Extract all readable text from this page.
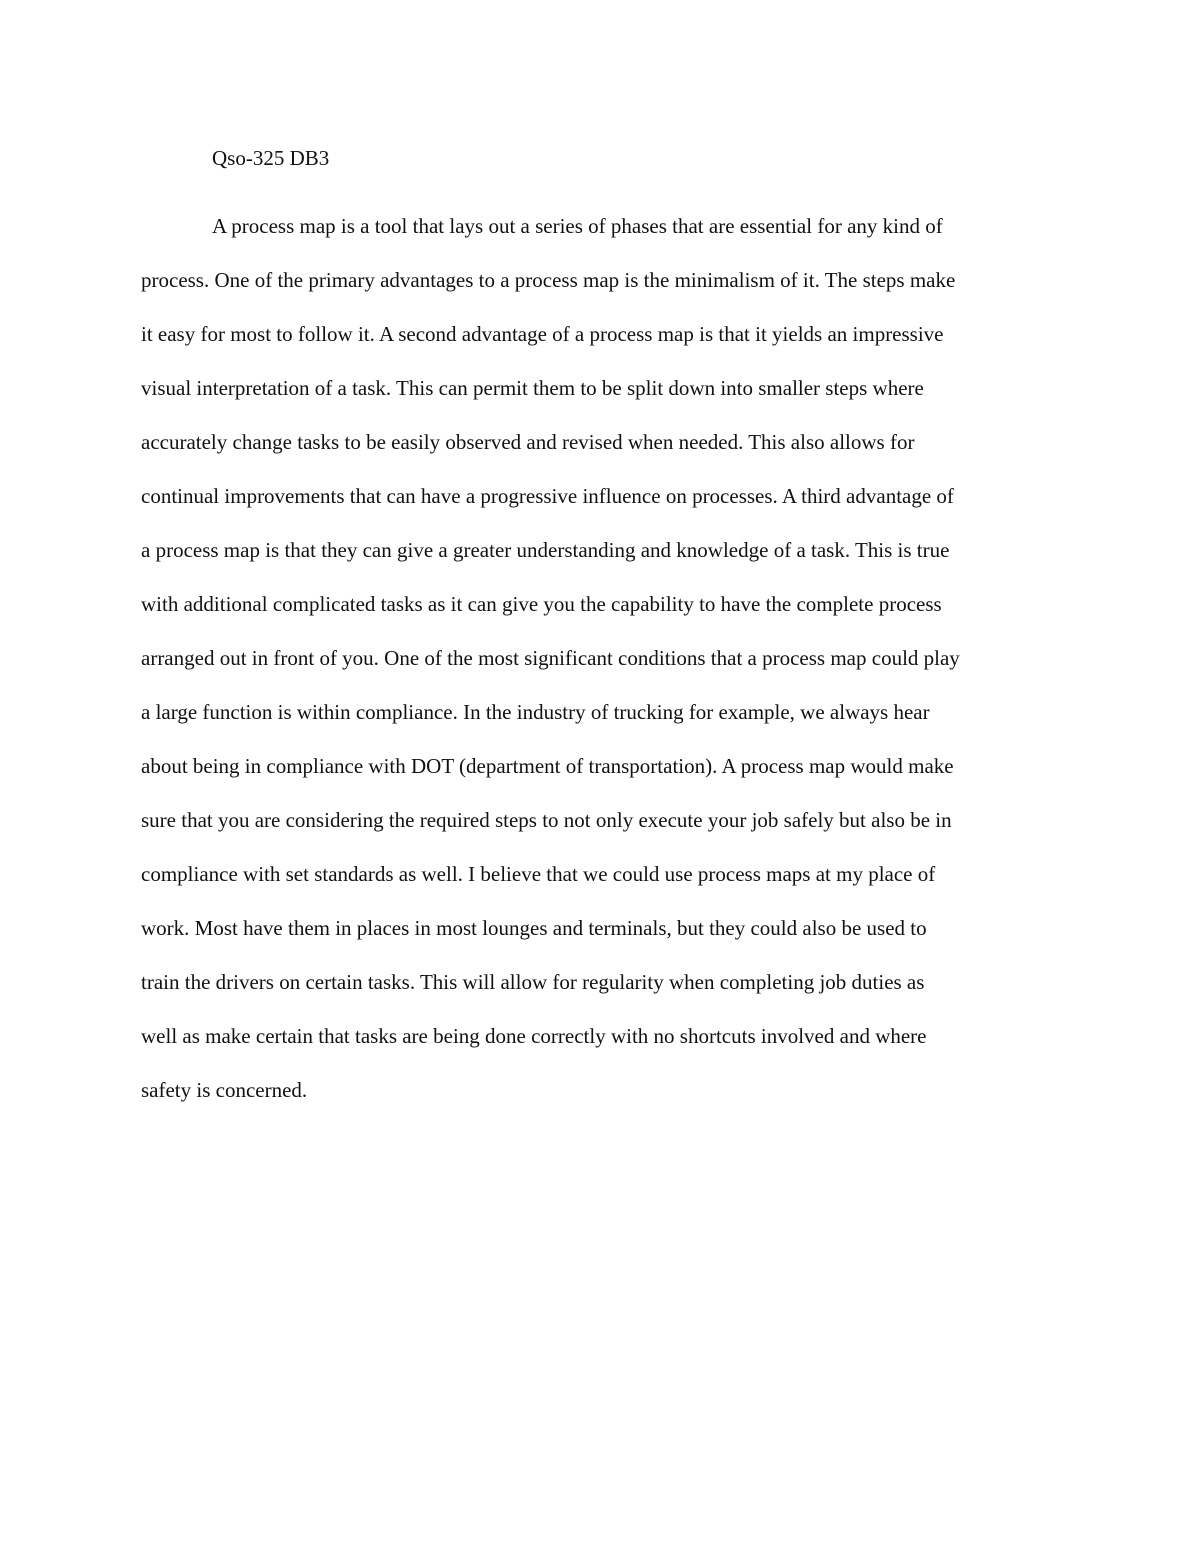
Qso-325 DB3
A process map is a tool that lays out a series of phases that are essential for any kind of
process. One of the primary advantages to a process map is the minimalism of it. The steps make
it easy for most to follow it. A second advantage of a process map is that it yields an impressive
visual interpretation of a task. This can permit them to be split down into smaller steps where
accurately change tasks to be easily observed and revised when needed. This also allows for
continual improvements that can have a progressive influence on processes. A third advantage of
a process map is that they can give a greater understanding and knowledge of a task. This is true
with additional complicated tasks as it can give you the capability to have the complete process
arranged out in front of you. One of the most significant conditions that a process map could play
a large function is within compliance. In the industry of trucking for example, we always hear
about being in compliance with DOT (department of transportation). A process map would make
sure that you are considering the required steps to not only execute your job safely but also be in
compliance with set standards as well. I believe that we could use process maps at my place of
work. Most have them in places in most lounges and terminals, but they could also be used to
train the drivers on certain tasks. This will allow for regularity when completing job duties as
well as make certain that tasks are being done correctly with no shortcuts involved and where
safety is concerned.
